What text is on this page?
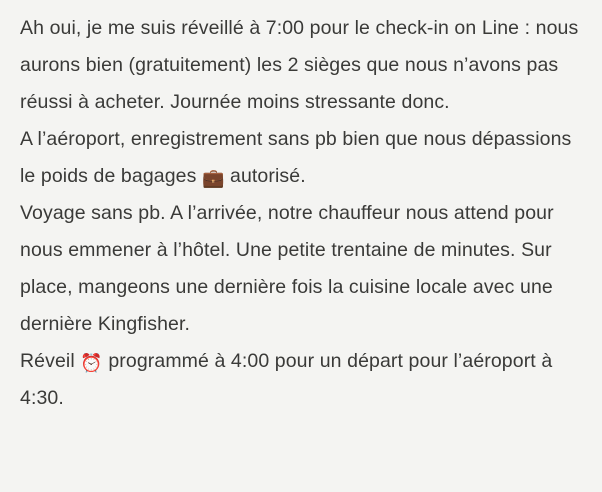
Ah oui, je me suis réveillé à 7:00 pour le check-in on Line : nous aurons bien (gratuitement) les 2 sièges que nous n’avons pas réussi à acheter. Journée moins stressante donc.
A l’aéroport, enregistrement sans pb bien que nous dépassions le poids de bagages 💼 autorisé.
Voyage sans pb. A l’arrivée, notre chauffeur nous attend pour nous emmener à l’hôtel. Une petite trentaine de minutes. Sur place, mangeons une dernière fois la cuisine locale avec une dernière Kingfisher.
Réveil ⏰ programmé à 4:00 pour un départ pour l’aéroport à 4:30.
